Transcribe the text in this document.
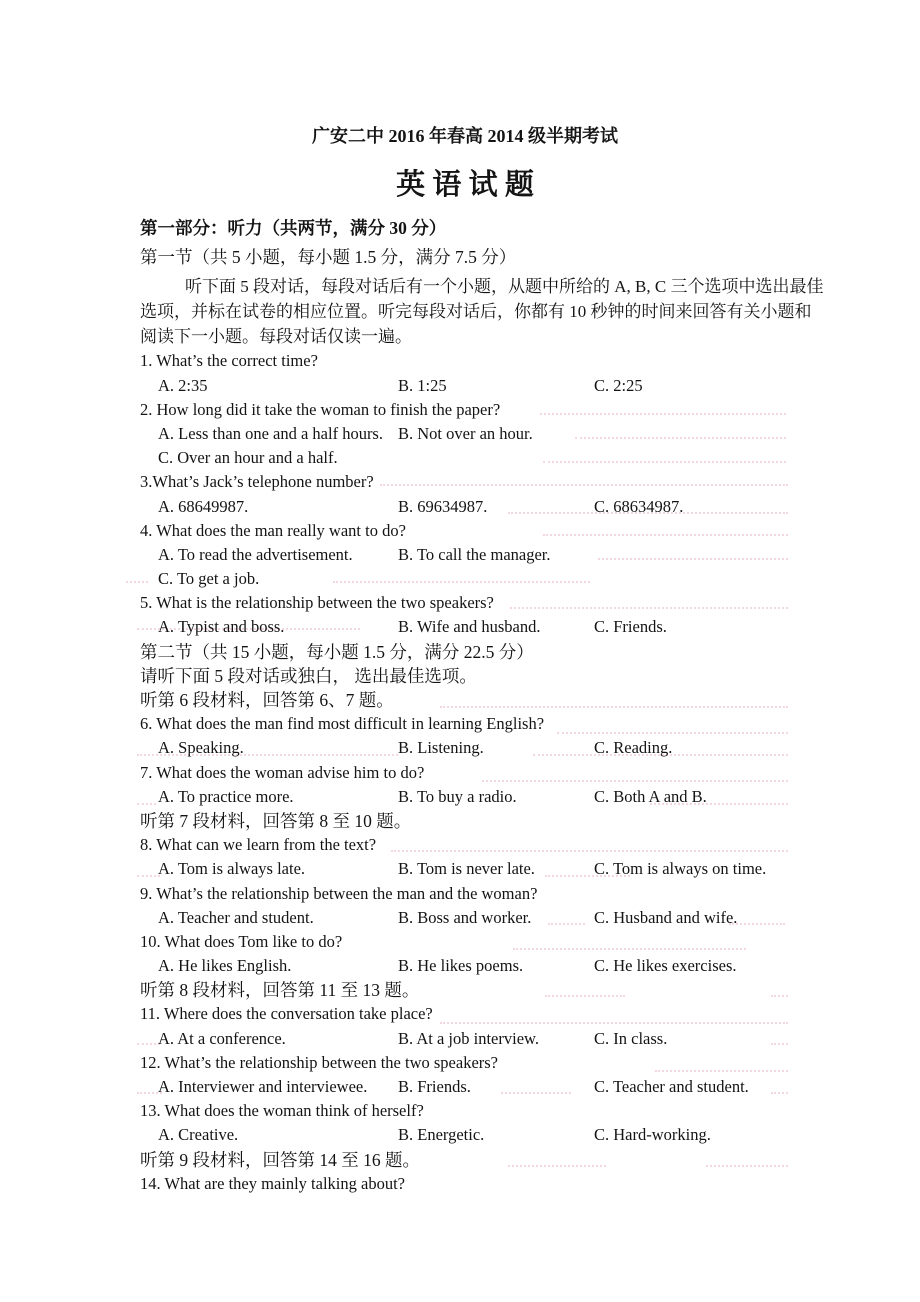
广安二中 2016 年春高 2014 级半期考试
英 语 试 题
第一部分：听力（共两节，满分 30 分）
第一节（共 5 小题，每小题 1.5 分，满分 7.5 分）
听下面 5 段对话，每段对话后有一个小题，从题中所给的 A, B, C 三个选项中选出最佳
选项，并标在试卷的相应位置。听完每段对话后，你都有 10 秒钟的时间来回答有关小题和
阅读下一小题。每段对话仅读一遍。
1. What’s the correct time?
A. 2:35	B. 1:25	C. 2:25
2. How long did it take the woman to finish the paper?
A. Less than one and a half hours. B. Not over an hour.
C. Over an hour and a half.
3.What’s Jack’s telephone number?
A. 68649987.	B. 69634987.	C. 68634987.
4. What does the man really want to do?
A. To read the advertisement.	B. To call the manager.
C. To get a job.
5. What is the relationship between the two speakers?
A. Typist and boss.	B. Wife and husband.	C. Friends.
第二节（共 15 小题，每小题 1.5 分，满分 22.5 分）
请听下面 5 段对话或独白， 选出最佳选项。
听第 6 段材料，回答第 6、7 题。
6. What does the man find most difficult in learning English?
A. Speaking.	B. Listening.	C. Reading.
7. What does the woman advise him to do?
A. To practice more.	B. To buy a radio.	C. Both A and B.
听第 7 段材料，回答第 8 至 10 题。
8. What can we learn from the text?
A. Tom is always late.	B. Tom is never late.	C. Tom is always on time.
9. What’s the relationship between the man and the woman?
A. Teacher and student.	B. Boss and worker.	C. Husband and wife.
10. What does Tom like to do?
A. He likes English.	B. He likes poems.	C. He likes exercises.
听第 8 段材料，回答第 11 至 13 题。
11. Where does the conversation take place?
A. At a conference.	B. At a job interview.	C. In class.
12. What’s the relationship between the two speakers?
A. Interviewer and interviewee.	B. Friends.	C. Teacher and student.
13. What does the woman think of herself?
A. Creative.	B. Energetic.	C. Hard-working.
听第 9 段材料，回答第 14 至 16 题。
14. What are they mainly talking about?
